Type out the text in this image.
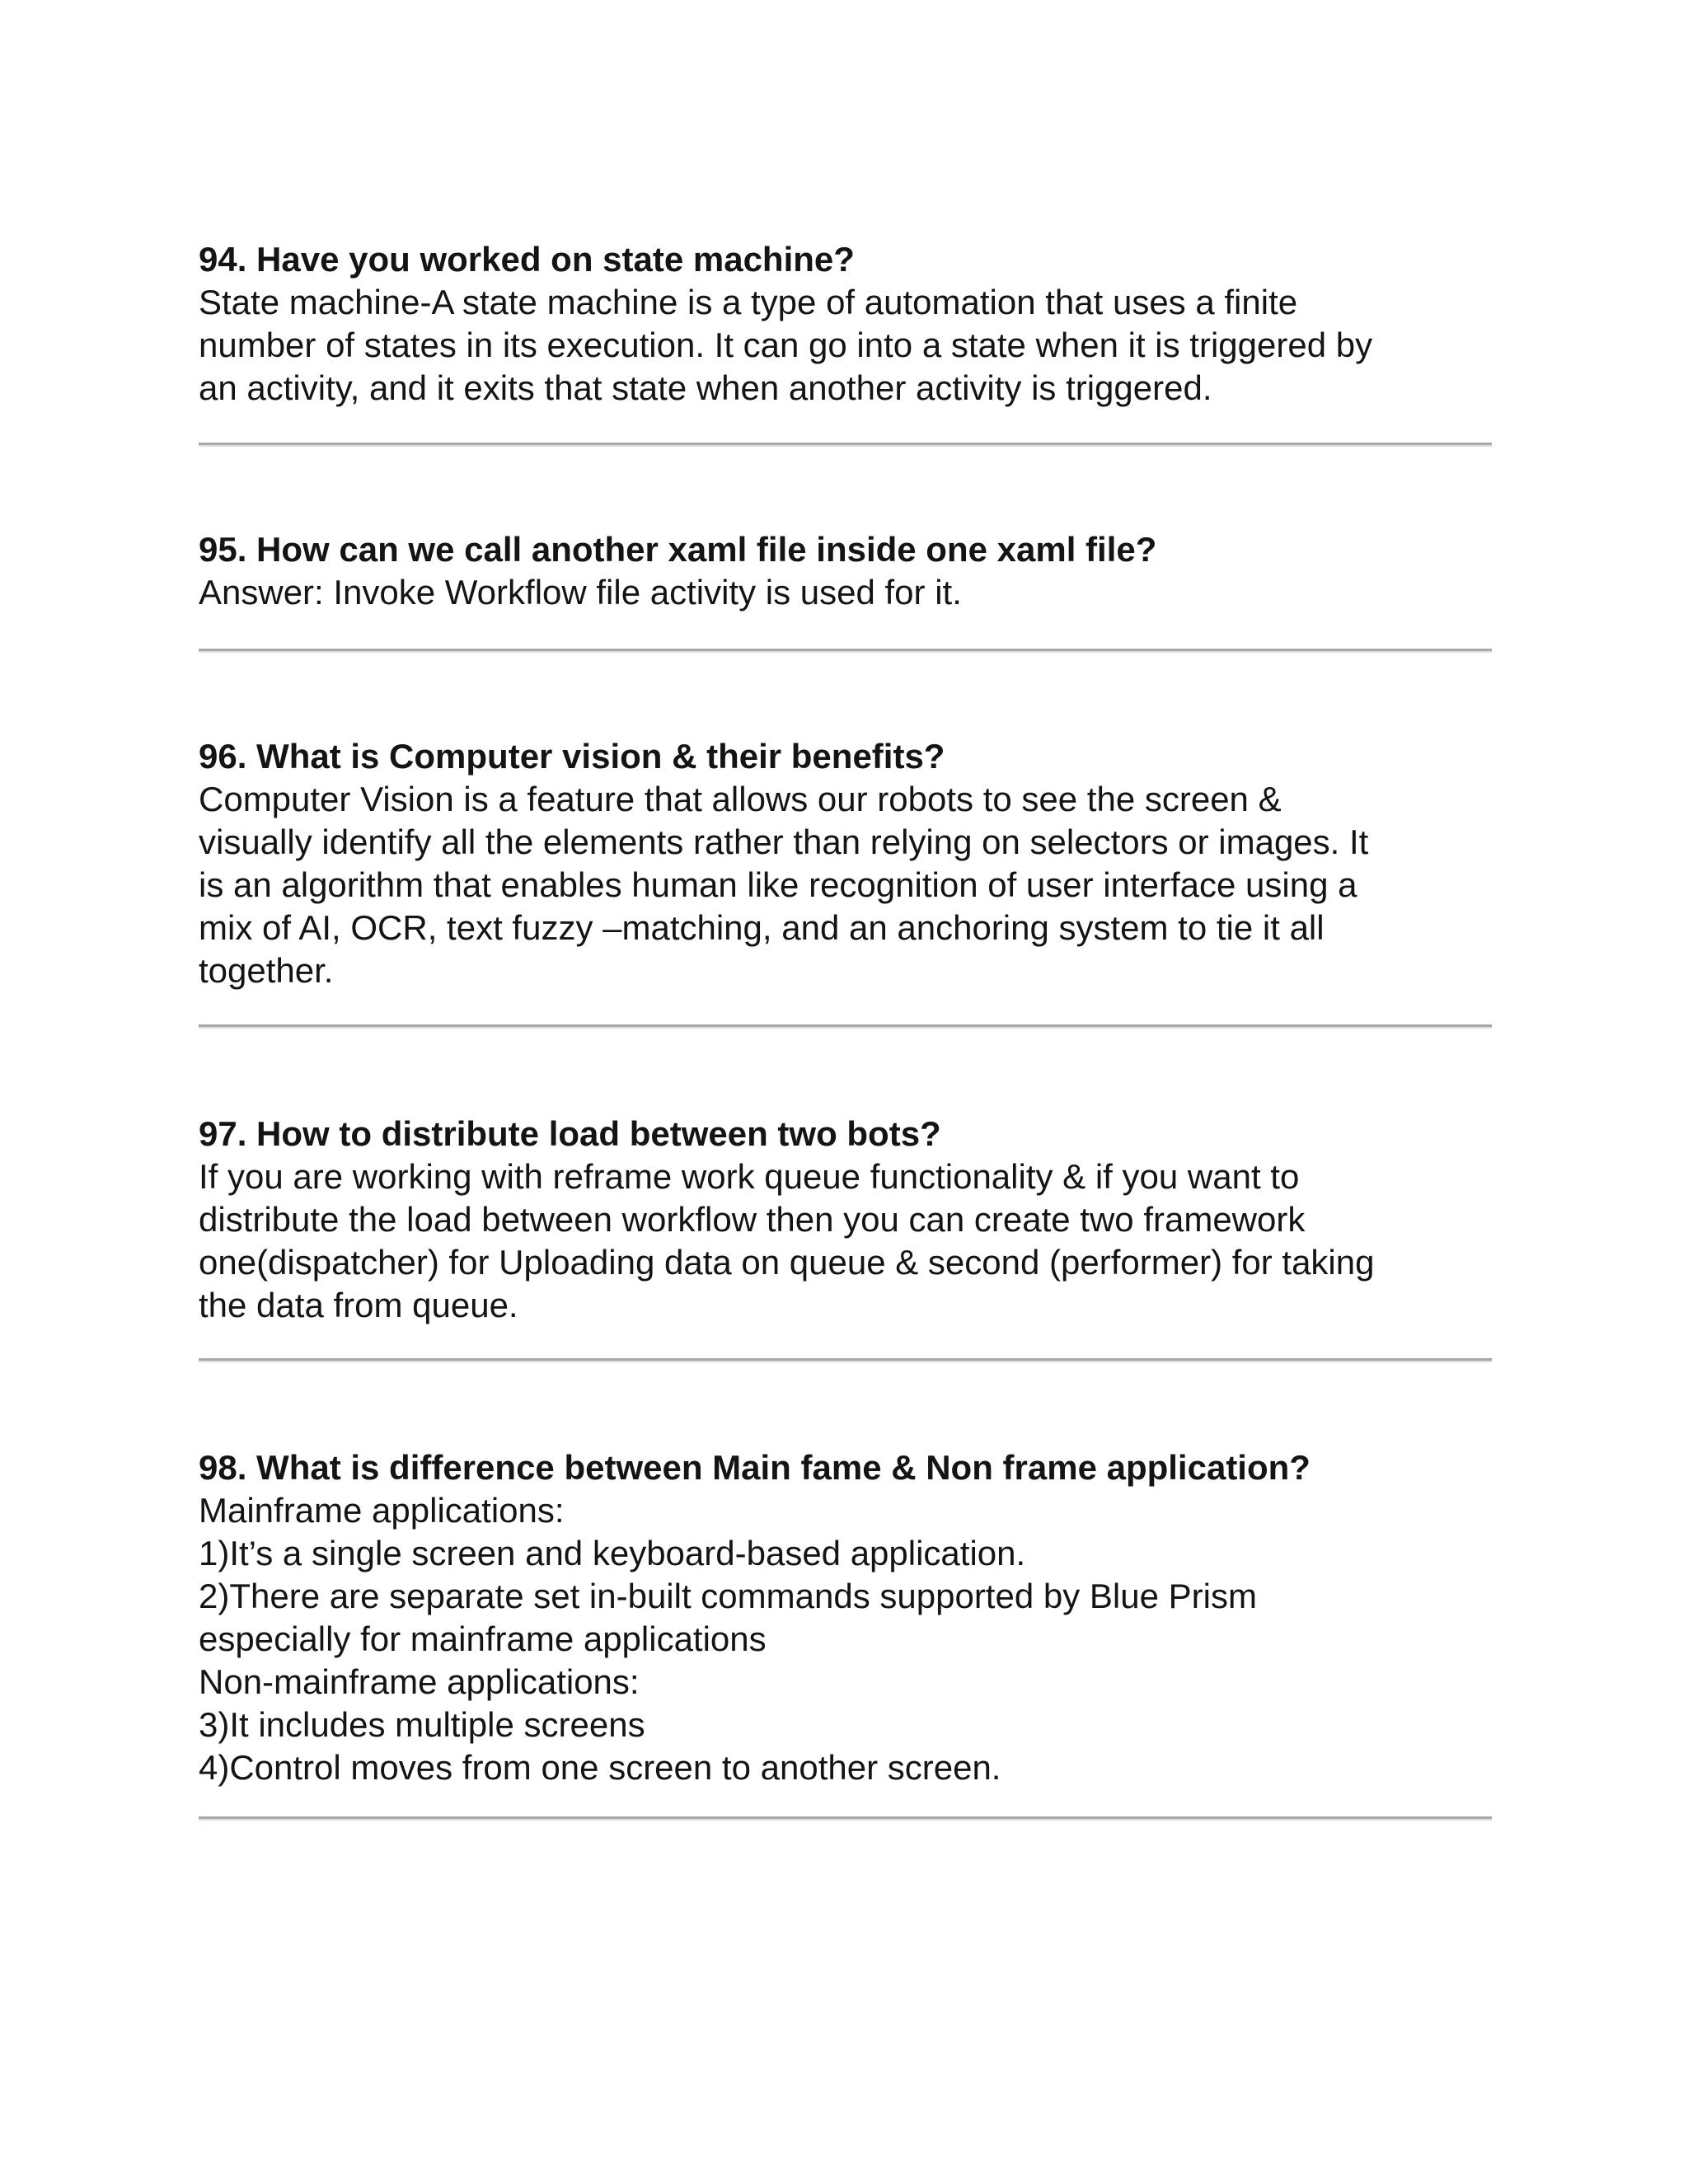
94. Have you worked on state machine?

State machine-A state machine is a type of automation that uses a finite

number of states in its execution. It can go into a state when it is triggered by

an activity, and it exits that state when another activity is triggered.

95. How can we call another xaml file inside one xaml file?

Answer: Invoke Workflow file activity is used for it.

96. What is Computer vision & their benefits?

Computer Vision is a feature that allows our robots to see the screen &

visually identify all the elements rather than relying on selectors or images. It

is an algorithm that enables human like recognition of user interface using a

mix of AI, OCR, text fuzzy –matching, and an anchoring system to tie it all

together.

97. How to distribute load between two bots?

If you are working with reframe work queue functionality & if you want to

distribute the load between workflow then you can create two framework

one(dispatcher) for Uploading data on queue & second (performer) for taking

the data from queue.

98. What is difference between Main fame & Non frame application?

Mainframe applications:

1)It’s a single screen and keyboard-based application.

2)There are separate set in-built commands supported by Blue Prism

especially for mainframe applications

Non-mainframe applications:

3)It includes multiple screens

4)Control moves from one screen to another screen.
